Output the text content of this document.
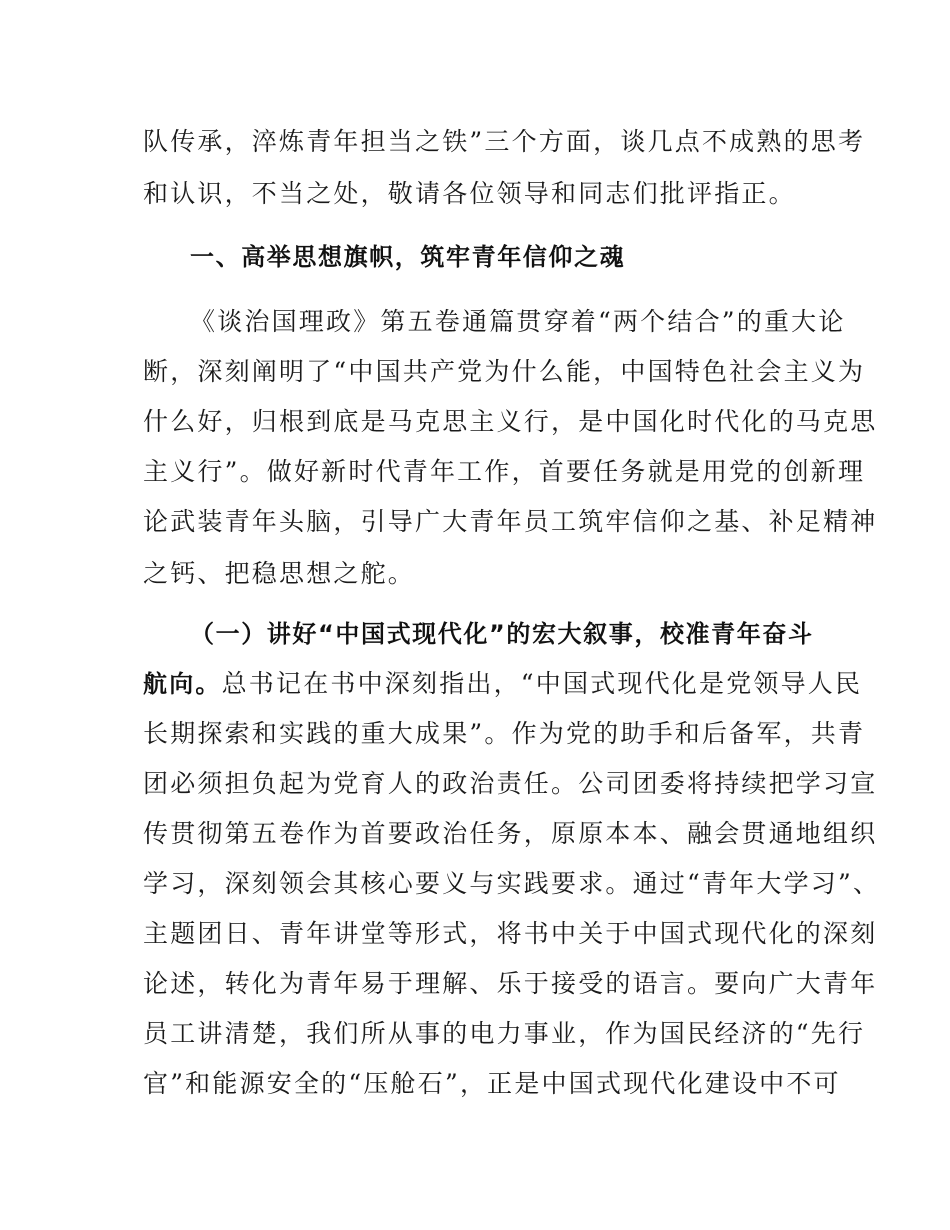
队传承，淬炼青年担当之铁”三个方面，谈几点不成熟的思考
和认识，不当之处，敬请各位领导和同志们批评指正。
一、高举思想旗帜，筑牢青年信仰之魂
《谈治国理政》第五卷通篇贯穿着“两个结合”的重大论
断，深刻阐明了“中国共产党为什么能，中国特色社会主义为
什么好，归根到底是马克思主义行，是中国化时代化的马克思
主义行”。做好新时代青年工作，首要任务就是用党的创新理
论武装青年头脑，引导广大青年员工筑牢信仰之基、补足精神
之钙、把稳思想之舵。
（一）讲好“中国式现代化”的宏大叙事，校准青年奋斗
航向。总书记在书中深刻指出，“中国式现代化是党领导人民
长期探索和实践的重大成果”。作为党的助手和后备军，共青
团必须担负起为党育人的政治责任。公司团委将持续把学习宣
传贯彻第五卷作为首要政治任务，原原本本、融会贯通地组织
学习，深刻领会其核心要义与实践要求。通过“青年大学习”、
主题团日、青年讲堂等形式，将书中关于中国式现代化的深刻
论述，转化为青年易于理解、乐于接受的语言。要向广大青年
员工讲清楚，我们所从事的电力事业，作为国民经济的“先行
官”和能源安全的“压舱石”，正是中国式现代化建设中不可
